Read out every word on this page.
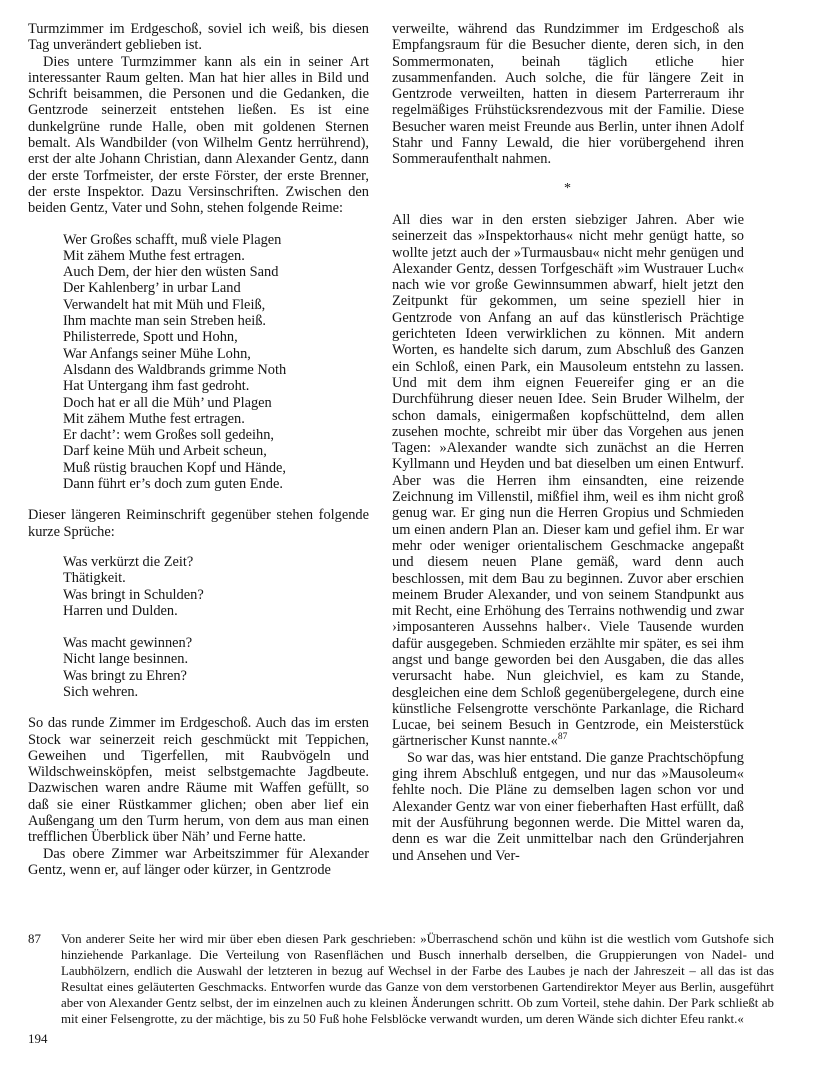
Turmzimmer im Erdgeschoß, soviel ich weiß, bis diesen Tag unverändert geblieben ist.

Dies untere Turmzimmer kann als ein in seiner Art interessanter Raum gelten. Man hat hier alles in Bild und Schrift beisammen, die Personen und die Gedanken, die Gentzrode seinerzeit entstehen ließen. Es ist eine dunkelgrüne runde Halle, oben mit goldenen Sternen bemalt. Als Wandbilder (von Wilhelm Gentz herrührend), erst der alte Johann Christian, dann Alexander Gentz, dann der erste Torfmeister, der erste Förster, der erste Brenner, der erste Inspektor. Dazu Versinschriften. Zwischen den beiden Gentz, Vater und Sohn, stehen folgende Reime:

Wer Großes schafft, muß viele Plagen
Mit zähem Muthe fest ertragen.
Auch Dem, der hier den wüsten Sand
Der Kahlenberg’ in urbar Land
Verwandelt hat mit Müh und Fleiß,
Ihm machte man sein Streben heiß.
Philisterrede, Spott und Hohn,
War Anfangs seiner Mühe Lohn,
Alsdann des Waldbrands grimme Noth
Hat Untergang ihm fast gedroht.
Doch hat er all die Müh’ und Plagen
Mit zähem Muthe fest ertragen.
Er dacht’: wem Großes soll gedeihn,
Darf keine Müh und Arbeit scheun,
Muß rüstig brauchen Kopf und Hände,
Dann führt er’s doch zum guten Ende.

Dieser längeren Reiminschrift gegenüber stehen folgende kurze Sprüche:

Was verkürzt die Zeit?
Thätigkeit.
Was bringt in Schulden?
Harren und Dulden.
Was macht gewinnen?
Nicht lange besinnen.
Was bringt zu Ehren?
Sich wehren.

So das runde Zimmer im Erdgeschoß. Auch das im ersten Stock war seinerzeit reich geschmückt mit Teppichen, Geweihen und Tigerfellen, mit Raubvögeln und Wildschweinsköpfen, meist selbstgemachte Jagdbeute. Dazwischen waren andre Räume mit Waffen gefüllt, so daß sie einer Rüstkammer glichen; oben aber lief ein Außengang um den Turm herum, von dem aus man einen trefflichen Überblick über Näh’ und Ferne hatte.

Das obere Zimmer war Arbeitszimmer für Alexander Gentz, wenn er, auf länger oder kürzer, in Gentzrode

verweilte, während das Rundzimmer im Erdgeschoß als Empfangsraum für die Besucher diente, deren sich, in den Sommermonaten, beinah täglich etliche hier zusammenfanden. Auch solche, die für längere Zeit in Gentzrode verweilten, hatten in diesem Parterreraum ihr regelmäßiges Frühstücksrendezvous mit der Familie. Diese Besucher waren meist Freunde aus Berlin, unter ihnen Adolf Stahr und Fanny Lewald, die hier vorübergehend ihren Sommeraufenthalt nahmen.

*

All dies war in den ersten siebziger Jahren. Aber wie seinerzeit das »Inspektorhaus« nicht mehr genügt hatte, so wollte jetzt auch der »Turmausbau« nicht mehr genügen und Alexander Gentz, dessen Torfgeschäft »im Wustrauer Luch« nach wie vor große Gewinnsummen abwarf, hielt jetzt den Zeitpunkt für gekommen, um seine speziell hier in Gentzrode von Anfang an auf das künstlerisch Prächtige gerichteten Ideen verwirklichen zu können. Mit andern Worten, es handelte sich darum, zum Abschluß des Ganzen ein Schloß, einen Park, ein Mausoleum entstehn zu lassen. Und mit dem ihm eignen Feuereifer ging er an die Durchführung dieser neuen Idee. Sein Bruder Wilhelm, der schon damals, einigermaßen kopfschüttelnd, dem allen zusehen mochte, schreibt mir über das Vorgehen aus jenen Tagen: »Alexander wandte sich zunächst an die Herren Kyllmann und Heyden und bat dieselben um einen Entwurf. Aber was die Herren ihm einsandten, eine reizende Zeichnung im Villenstil, mißfiel ihm, weil es ihm nicht groß genug war. Er ging nun die Herren Gropius und Schmieden um einen andern Plan an. Dieser kam und gefiel ihm. Er war mehr oder weniger orientalischem Geschmacke angepaßt und diesem neuen Plane gemäß, ward denn auch beschlossen, mit dem Bau zu beginnen. Zuvor aber erschien meinem Bruder Alexander, und von seinem Standpunkt aus mit Recht, eine Erhöhung des Terrains nothwendig und zwar ›imposanteren Aussehns halber‹. Viele Tausende wurden dafür ausgegeben. Schmieden erzählte mir später, es sei ihm angst und bange geworden bei den Ausgaben, die das alles verursacht habe. Nun gleichviel, es kam zu Stande, desgleichen eine dem Schloß gegenübergelegene, durch eine künstliche Felsengrotte verschönte Parkanlage, die Richard Lucae, bei seinem Besuch in Gentzrode, ein Meisterstück gärtnerischer Kunst nannte.«$^{87}$

So war das, was hier entstand. Die ganze Prachtschöpfung ging ihrem Abschluß entgegen, und nur das »Mausoleum« fehlte noch. Die Pläne zu demselben lagen schon vor und Alexander Gentz war von einer fieberhaften Hast erfüllt, daß mit der Ausführung begonnen werde. Die Mittel waren da, denn es war die Zeit unmittelbar nach den Gründerjahren und Ansehen und Ver-

87	Von anderer Seite her wird mir über eben diesen Park geschrieben: »Überraschend schön und kühn ist die westlich vom Gutshofe sich hinziehende Parkanlage. Die Verteilung von Rasenflächen und Busch innerhalb derselben, die Gruppierungen von Nadel- und Laubhölzern, endlich die Auswahl der letzteren in bezug auf Wechsel in der Farbe des Laubes je nach der Jahreszeit – all das ist das Resultat eines geläuterten Geschmacks. Entworfen wurde das Ganze von dem verstorbenen Gartendirektor Meyer aus Berlin, ausgeführt aber von Alexander Gentz selbst, der im einzelnen auch zu kleinen Änderungen schritt. Ob zum Vorteil, stehe dahin. Der Park schließt ab mit einer Felsengrotte, zu der mächtige, bis zu 50 Fuß hohe Felsblöcke verwandt wurden, um deren Wände sich dichter Efeu rankt.«
194
